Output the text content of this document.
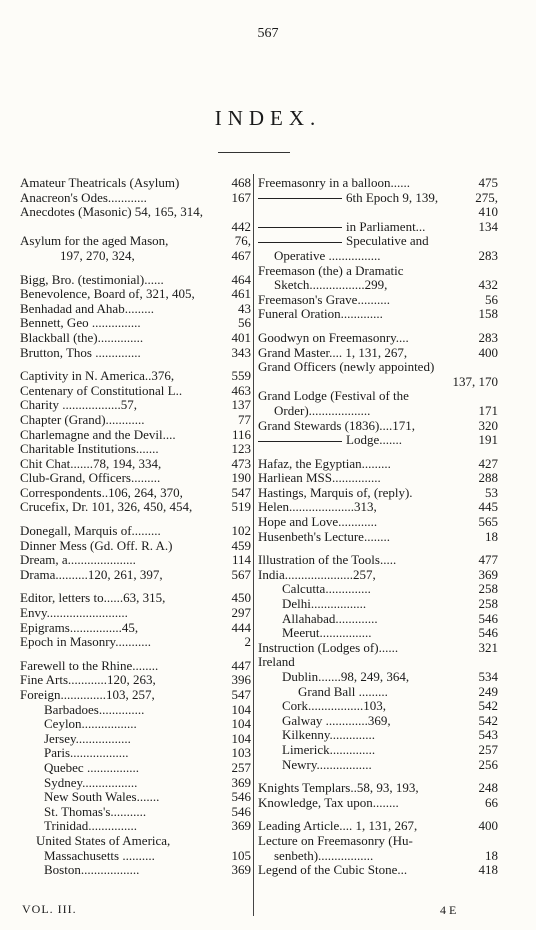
567
INDEX.
Amateur Theatricals (Asylum)	468
Anacreon's Odes............	167
Anecdotes (Masonic) 54, 165, 314,
442
Asylum for the aged Mason,	76,
197, 270, 324,	467
Bigg, Bro. (testimonial)......	464
Benevolence, Board of, 321, 405,	461
Benhadad and Ahab.........	43
Bennett, Geo ...............	56
Blackball (the)..............	401
Brutton, Thos ..............	343
Captivity in N. America..376,	559
Centenary of Constitutional L..	463
Charity ..................57,	137
Chapter (Grand)............	77
Charlemagne and the Devil....	116
Charitable Institutions.......	123
Chit Chat.......78, 194, 334,	473
Club-Grand, Officers.........	190
Correspondents..106, 264, 370,	547
Crucefix, Dr. 101, 326, 450, 454,	519
Donegall, Marquis of.........	102
Dinner Mess (Gd. Off. R. A.)	459
Dream, a.....................	114
Drama..........120, 261, 397,	567
Editor, letters to......63, 315,	450
Envy.........................	297
Epigrams................45,	444
Epoch in Masonry...........	2
Farewell to the Rhine........	447
Fine Arts............120, 263,	396
Foreign..............103, 257,	547
Barbadoes..............	104
Ceylon.................	104
Jersey.................	104
Paris..................	103
Quebec ................	257
Sydney.................	369
New South Wales.......	546
St. Thomas's...........	546
Trinidad...............	369
United States of America,
Massachusetts ..........	105
Boston..................	369
Freemasonry in a balloon......	475
6th Epoch 9, 139,	275,
410
in Parliament...	134
Speculative and
Operative ................	283
Freemason (the) a Dramatic
Sketch.................299,	432
Freemason's Grave..........	56
Funeral Oration.............	158
Goodwyn on Freemasonry....	283
Grand Master.... 1, 131, 267,	400
Grand Officers (newly appointed)
137, 170
Grand Lodge (Festival of the
Order)...................	171
Grand Stewards (1836)....171,	320
Lodge.......	191
Hafaz, the Egyptian.........	427
Harliean MSS...............	288
Hastings, Marquis of, (reply).	53
Helen....................313,	445
Hope and Love............	565
Husenbeth's Lecture........	18
Illustration of the Tools.....	477
India.....................257,	369
Calcutta..............	258
Delhi.................	258
Allahabad.............	546
Meerut................	546
Instruction (Lodges of)......	321
Ireland
Dublin.......98, 249, 364,	534
Grand Ball .........	249
Cork.................103,	542
Galway .............369,	542
Kilkenny..............	543
Limerick..............	257
Newry.................	256
Knights Templars..58, 93, 193,	248
Knowledge, Tax upon........	66
Leading Article.... 1, 131, 267,	400
Lecture on Freemasonry (Hu-
senbeth).................	18
Legend of the Cubic Stone...	418
VOL. III.	4 E
